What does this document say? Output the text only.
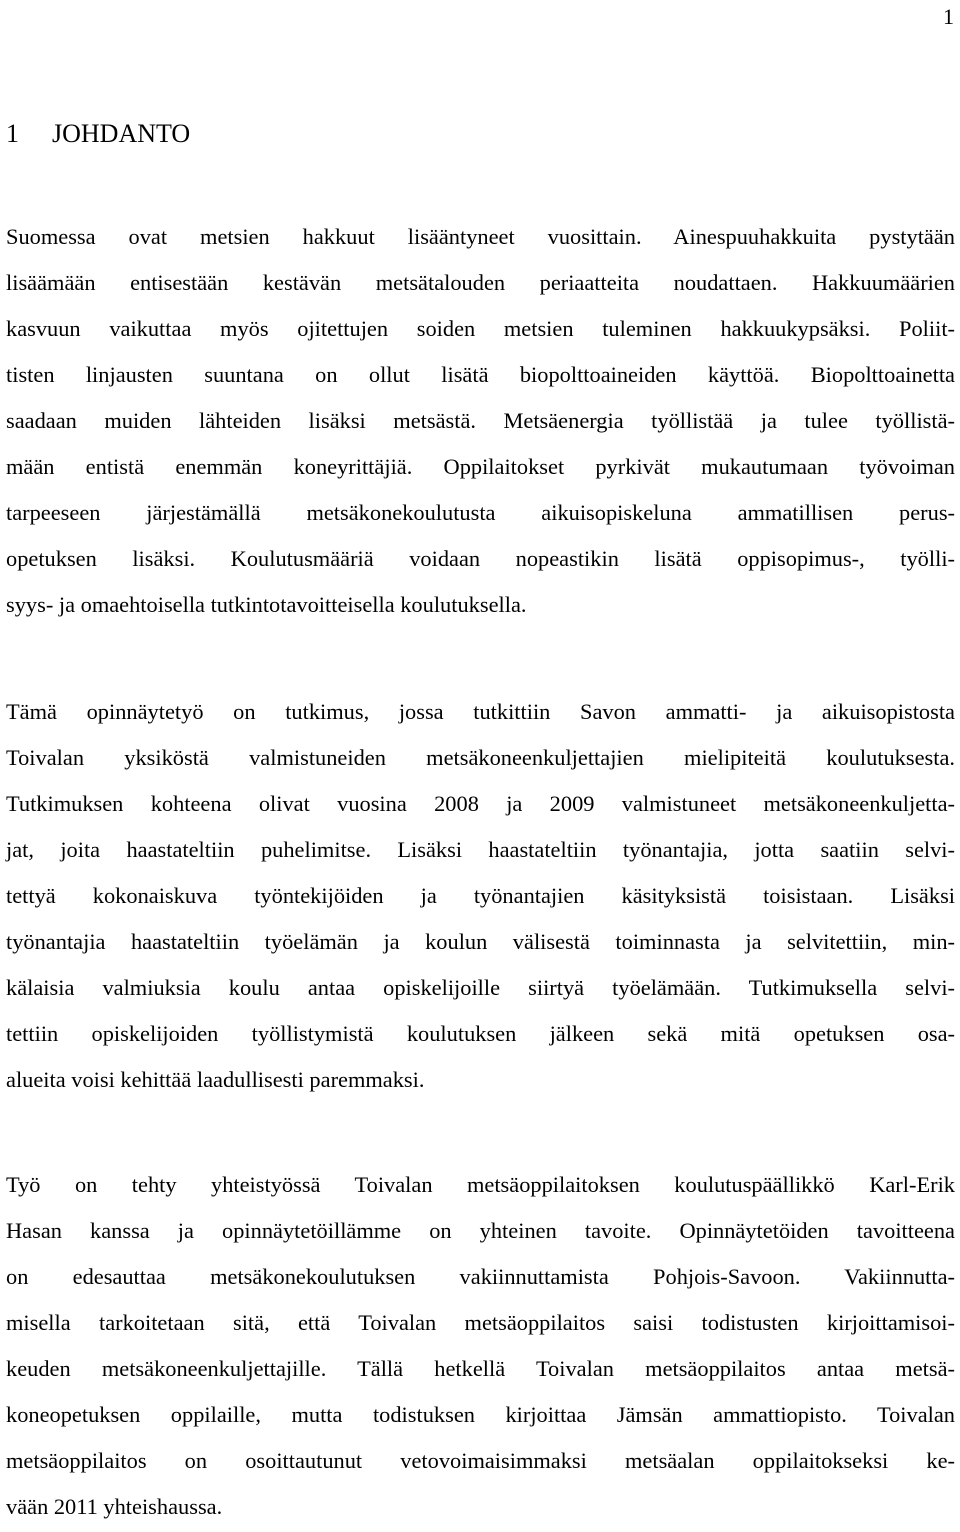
1
1 JOHDANTO
Suomessa ovat metsien hakkuut lisääntyneet vuosittain. Ainespuuhakkuita pystytään
lisäämään entisestään kestävän metsätalouden periaatteita noudattaen. Hakkuumäärien
kasvuun vaikuttaa myös ojitettujen soiden metsien tuleminen hakkuukypsäksi. Poliit-
tisten linjausten suuntana on ollut lisätä biopolttoaineiden käyttöä. Biopolttoainetta
saadaan muiden lähteiden lisäksi metsästä. Metsäenergia työllistää ja tulee työllistä-
mään entistä enemmän koneyrittäjiä. Oppilaitokset pyrkivät mukautumaan työvoiman
tarpeeseen järjestämällä metsäkonekoulutusta aikuisopiskeluna ammatillisen perus-
opetuksen lisäksi. Koulutusmääriä voidaan nopeastikin lisätä oppisopimus-, työlli-
syys- ja omaehtoisella tutkintotavoitteisella koulutuksella.
Tämä opinnäytetyö on tutkimus, jossa tutkittiin Savon ammatti- ja aikuisopistosta
Toivalan yksiköstä valmistuneiden metsäkoneenkuljettajien mielipiteitä koulutuksesta.
Tutkimuksen kohteena olivat vuosina 2008 ja 2009 valmistuneet metsäkoneenkuljetta-
jat, joita haastateltiin puhelimitse. Lisäksi haastateltiin työnantajia, jotta saatiin selvi-
tettyä kokonaiskuva työntekijöiden ja työnantajien käsityksistä toisistaan. Lisäksi
työnantajia haastateltiin työelämän ja koulun välisestä toiminnasta ja selvitettiin, min-
kälaisia valmiuksia koulu antaa opiskelijoille siirtyä työelämään. Tutkimuksella selvi-
tettiin opiskelijoiden työllistymistä koulutuksen jälkeen sekä mitä opetuksen osa-
alueita voisi kehittää laadullisesti paremmaksi.
Työ on tehty yhteistyössä Toivalan metsäoppilaitoksen koulutuspäällikkö Karl-Erik
Hasan kanssa ja opinnäytetöillämme on yhteinen tavoite. Opinnäytetöiden tavoitteena
on edesauttaa metsäkonekoulutuksen vakiinnuttamista Pohjois-Savoon. Vakiinnutta-
misella tarkoitetaan sitä, että Toivalan metsäoppilaitos saisi todistusten kirjoittamisoi-
keuden metsäkoneenkuljettajille. Tällä hetkellä Toivalan metsäoppilaitos antaa metsä-
koneopetuksen oppilaille, mutta todistuksen kirjoittaa Jämsän ammattiopisto. Toivalan
metsäoppilaitos on osoittautunut vetovoimaisimmaksi metsäalan oppilaitokseksi ke-
vään 2011 yhteishaussa.
